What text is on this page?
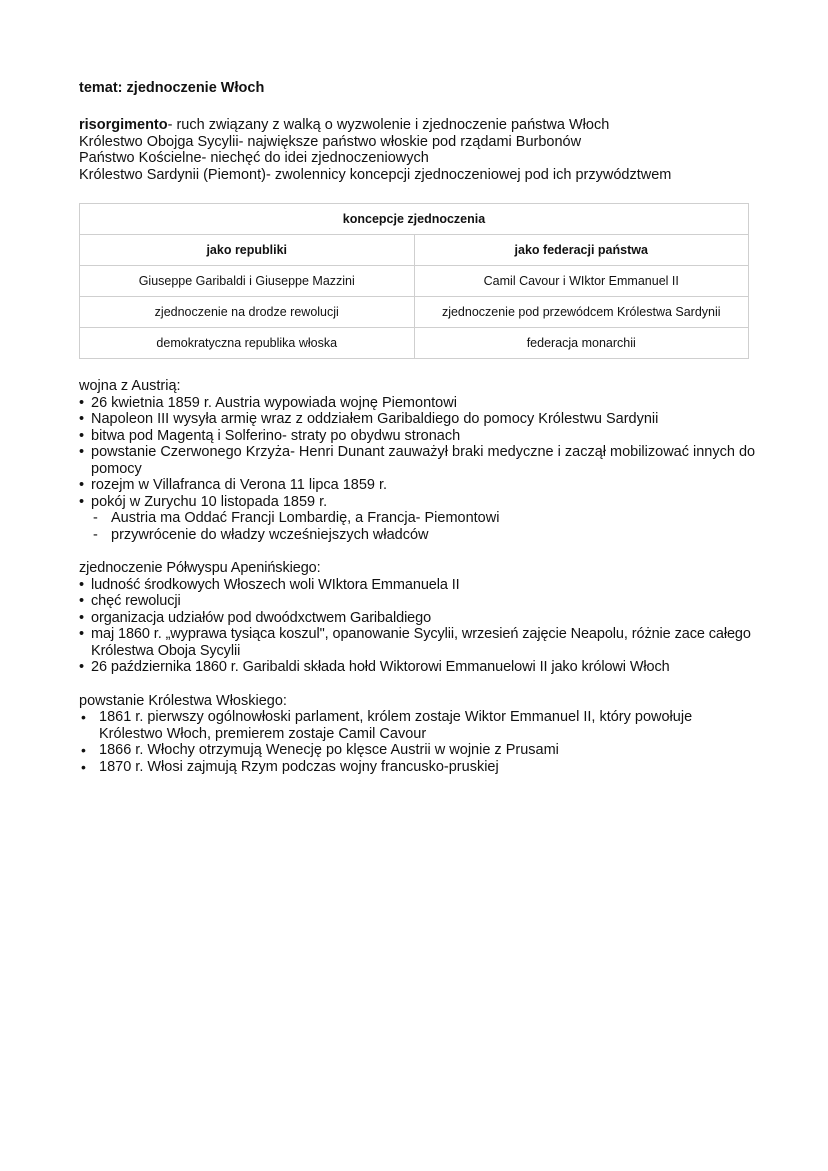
temat: zjednoczenie Włoch

risorgimento- ruch związany z walką o wyzwolenie i zjednoczenie państwa Włoch

Królestwo Obojga Sycylii- największe państwo włoskie pod rządami Burbonów

Państwo Kościelne- niechęć do idei zjednoczeniowych

Królestwo Sardynii (Piemont)- zwolennicy koncepcji zjednoczeniowej pod ich przywództwem

koncepcje zjednoczenia	
jako republiki	jako federacji państwa
Giuseppe Garibaldi i Giuseppe Mazzini	Camil Cavour i WIktor Emmanuel II
zjednoczenie na drodze rewolucji	zjednoczenie pod przewódcem Królestwa Sardynii
demokratyczna republika włoska	federacja monarchii

wojna z Austrią:

• 26 kwietnia 1859 r. Austria wypowiada wojnę Piemontowi
• Napoleon III wysyła armię wraz z oddziałem Garibaldiego do pomocy Królestwu Sardynii
• bitwa pod Magentą i Solferino- straty po obydwu stronach
• powstanie Czerwonego Krzyża- Henri Dunant zauważył braki medyczne i zaczął mobilizować innych do pomocy
• rozejm w Villafranca di Verona 11 lipca 1859 r.
• pokój w Zurychu 10 listopada 1859 r.
- Austria ma Oddać Francji Lombardię, a Francja- Piemontowi
- przywrócenie do władzy wcześniejszych władców

zjednoczenie Półwyspu Apenińskiego:

• ludność środkowych Włoszech woli WIktora Emmanuela II
• chęć rewolucji
• organizacja udziałów pod dwoódxctwem Garibaldiego
• maj 1860 r. „wyprawa tysiąca koszul", opanowanie Sycylii, wrzesień zajęcie Neapolu, różnie zace całego Królestwa Oboja Sycylii
• 26 października 1860 r. Garibaldi składa hołd Wiktorowi Emmanuelowi II jako królowi Włoch

powstanie Królestwa Włoskiego:

• 1861 r. pierwszy ogólnowłoski parlament, królem zostaje Wiktor Emmanuel II, który powołuje Królestwo Włoch, premierem zostaje Camil Cavour
• 1866 r. Włochy otrzymują Wenecję po klęsce Austrii w wojnie z Prusami
• 1870 r. Włosi zajmują Rzym podczas wojny francusko-pruskiej
